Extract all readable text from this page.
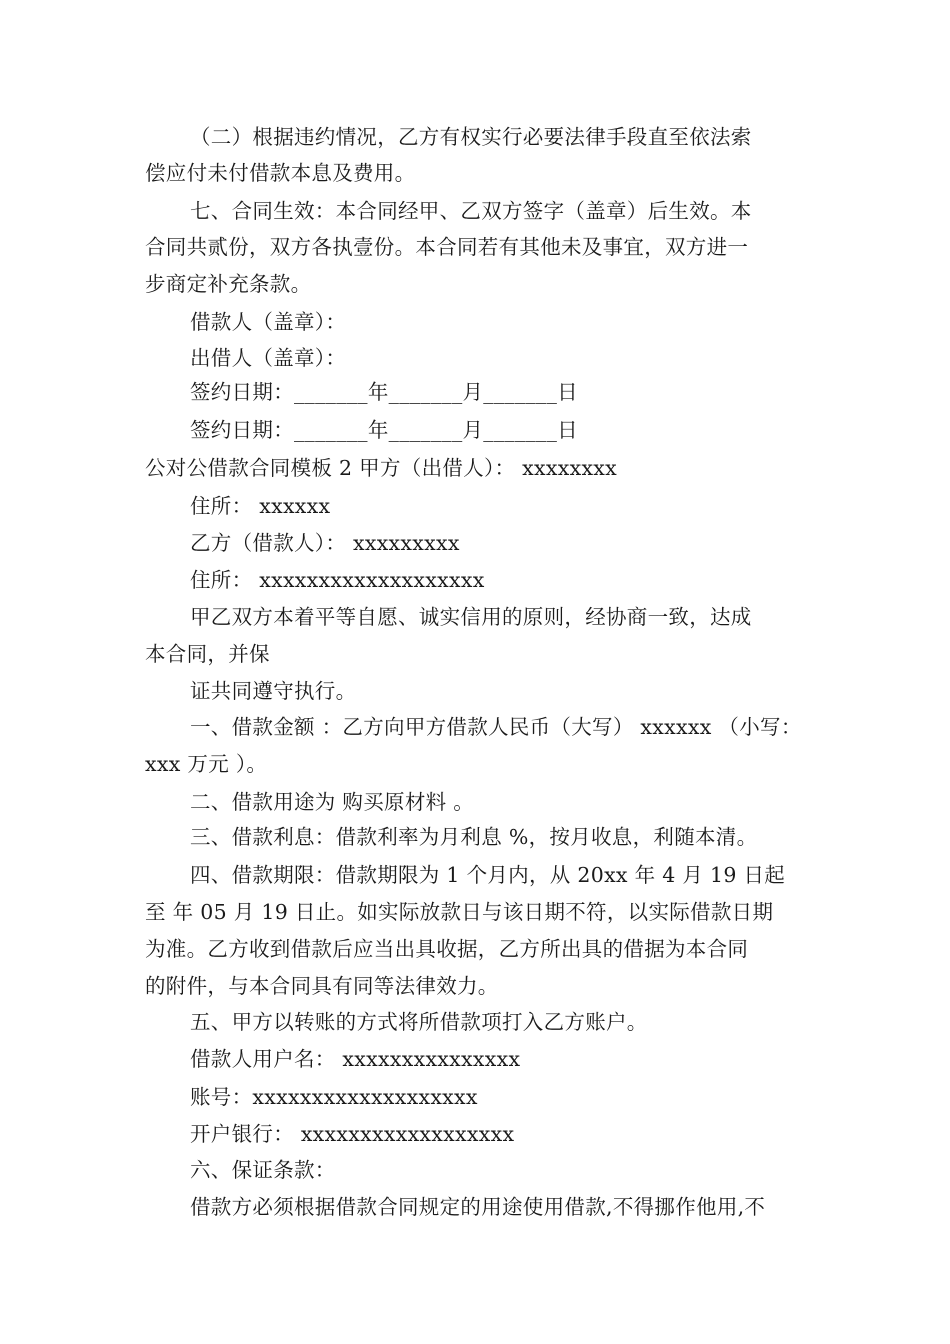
（二）根据违约情况，乙方有权实行必要法律手段直至依法索
偿应付未付借款本息及费用。
七、合同生效：本合同经甲、乙双方签字（盖章）后生效。本
合同共贰份，双方各执壹份。本合同若有其他未及事宜，双方进一
步商定补充条款。
借款人（盖章）：
出借人（盖章）：
签约日期：_______年_______月_______日
签约日期：_______年_______月_______日
公对公借款合同模板 2 甲方（出借人）： xxxxxxxx
住所： xxxxxx
乙方（借款人）： xxxxxxxxx
住所： xxxxxxxxxxxxxxxxxxx
甲乙双方本着平等自愿、诚实信用的原则，经协商一致，达成
本合同，并保
证共同遵守执行。
一、借款金额 ：乙方向甲方借款人民币（大写） xxxxxx （小写：
xxx 万元 ）。
二、借款用途为 购买原材料 。
三、借款利息：借款利率为月利息 %，按月收息，利随本清。
四、借款期限：借款期限为 1 个月内，从 20xx 年 4 月 19 日起
至 年 05 月 19 日止。如实际放款日与该日期不符，以实际借款日期
为准。乙方收到借款后应当出具收据，乙方所出具的借据为本合同
的附件，与本合同具有同等法律效力。
五、甲方以转账的方式将所借款项打入乙方账户。
借款人用户名： xxxxxxxxxxxxxxx
账号：xxxxxxxxxxxxxxxxxxx
开户银行： xxxxxxxxxxxxxxxxxx
六、保证条款：
借款方必须根据借款合同规定的用途使用借款,不得挪作他用,不
